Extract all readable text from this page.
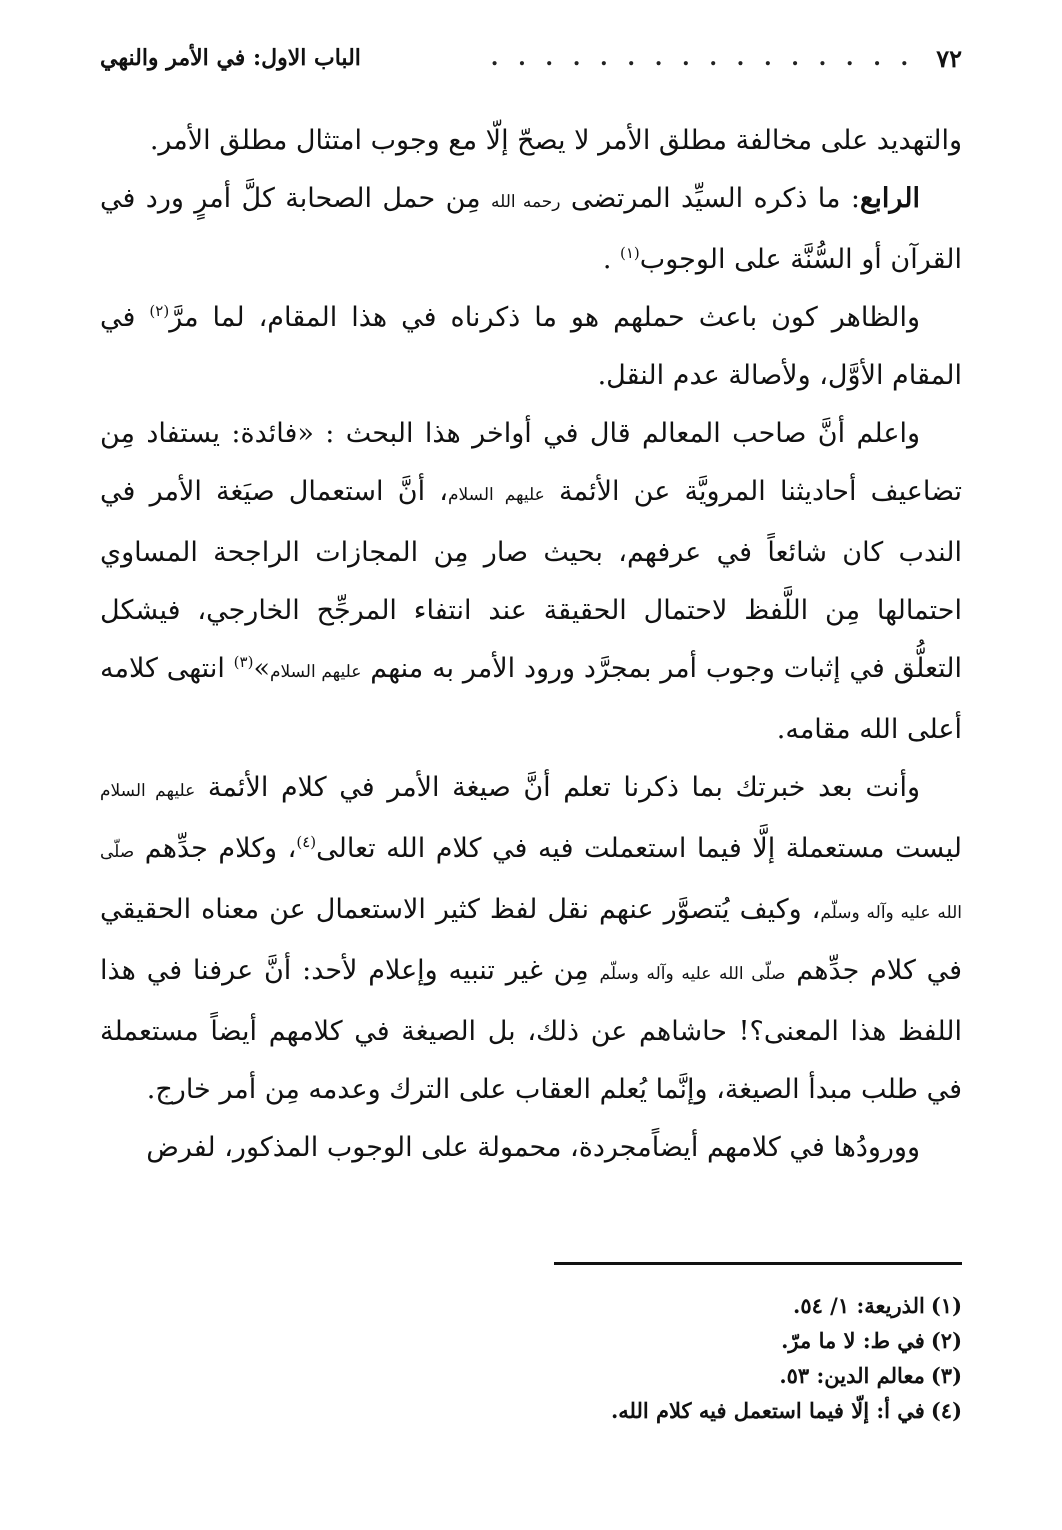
٧٢
. . . . . . . . . . . . . . . .
الباب الاول: في الأمر والنهي

والتهديد على مخالفة مطلق الأمر لا يصحّ إلّا مع وجوب امتثال مطلق الأمر.

الرابع: ما ذكره السيِّد المرتضى رحمه الله مِن حمل الصحابة كلَّ أمرٍ ورد في القرآن أو السُّنَّة على الوجوب$^{(١)}$ .

والظاهر كون باعث حملهم هو ما ذكرناه في هذا المقام، لما مرَّ$^{(٢)}$ في المقام الأوَّل، ولأصالة عدم النقل.

واعلم أنَّ صاحب المعالم قال في أواخر هذا البحث : «فائدة: يستفاد مِن تضاعيف أحاديثنا المرويَّة عن الأئمة عليهم السلام، أنَّ استعمال صيَغة الأمر في الندب كان شائعاً في عرفهم، بحيث صار مِن المجازات الراجحة المساوي احتمالها مِن اللَّفظ لاحتمال الحقيقة عند انتفاء المرجِّح الخارجي، فيشكل التعلُّق في إثبات وجوب أمر بمجرَّد ورود الأمر به منهم عليهم السلام»$^{(٣)}$ انتهى كلامه أعلى الله مقامه.

وأنت بعد خبرتك بما ذكرنا تعلم أنَّ صيغة الأمر في كلام الأئمة عليهم السلام ليست مستعملة إلَّا فيما استعملت فيه في كلام الله تعالى$^{(٤)}$، وكلام جدِّهم صلّى الله عليه وآله وسلّم، وكيف يُتصوَّر عنهم نقل لفظ كثير الاستعمال عن معناه الحقيقي في كلام جدِّهم صلّى الله عليه وآله وسلّم مِن غير تنبيه وإعلام لأحد: أنَّ عرفنا في هذا اللفظ هذا المعنى؟! حاشاهم عن ذلك، بل الصيغة في كلامهم أيضاً مستعملة في طلب مبدأ الصيغة، وإنَّما يُعلم العقاب على الترك وعدمه مِن أمر خارج.

وورودُها في كلامهم أيضاًمجردة، محمولة على الوجوب المذكور، لفرض

(١)
الذريعة: ١/ ٥٤.
(٢)
في ط: لا ما مرّ.
(٣)
معالم الدين: ٥٣.
(٤)
في أ: إلّا فيما استعمل فيه كلام الله.
